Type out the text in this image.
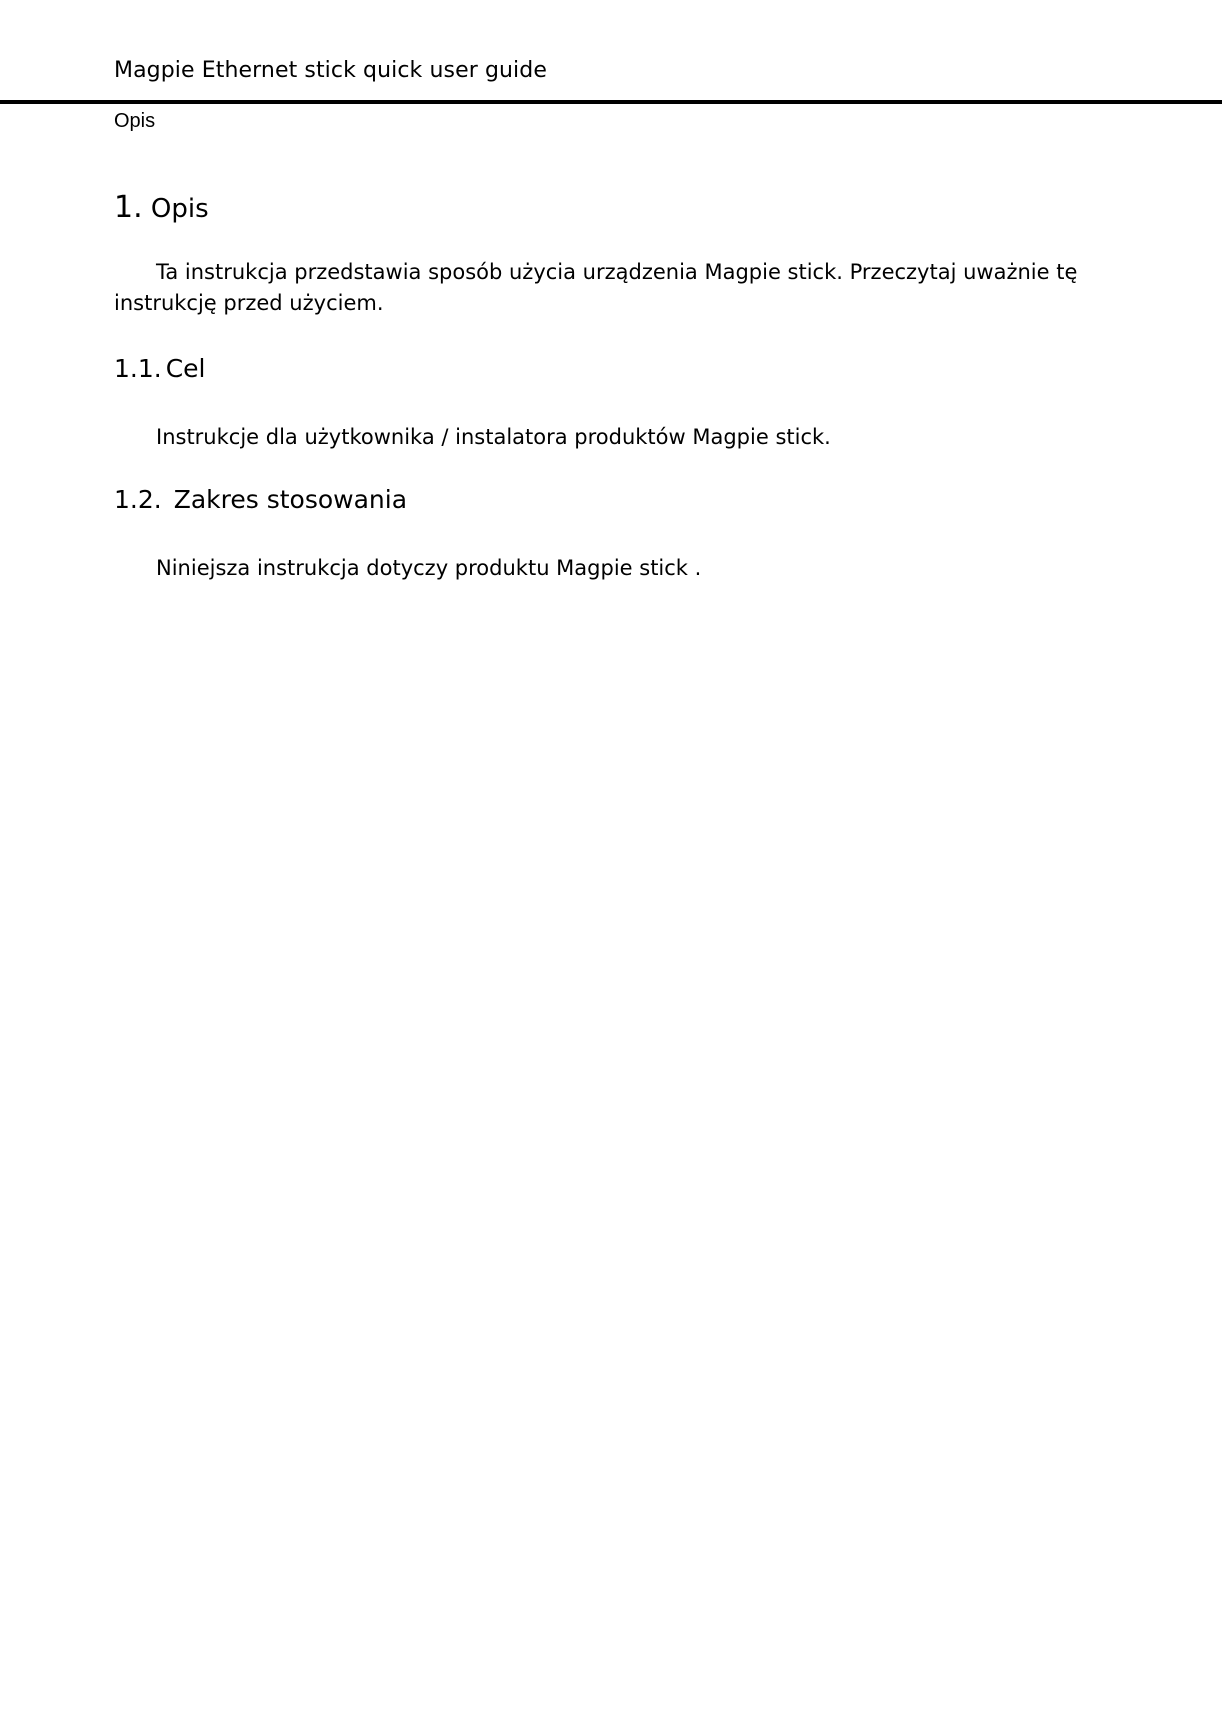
Magpie Ethernet stick quick user guide
Opis
1. Opis
Ta instrukcja przedstawia sposób użycia urządzenia Magpie stick. Przeczytaj uważnie tę
instrukcję przed użyciem.
1.1. Cel
Instrukcje dla użytkownika / instalatora produktów Magpie stick.
1.2. Zakres stosowania
Niniejsza instrukcja dotyczy produktu Magpie stick .
